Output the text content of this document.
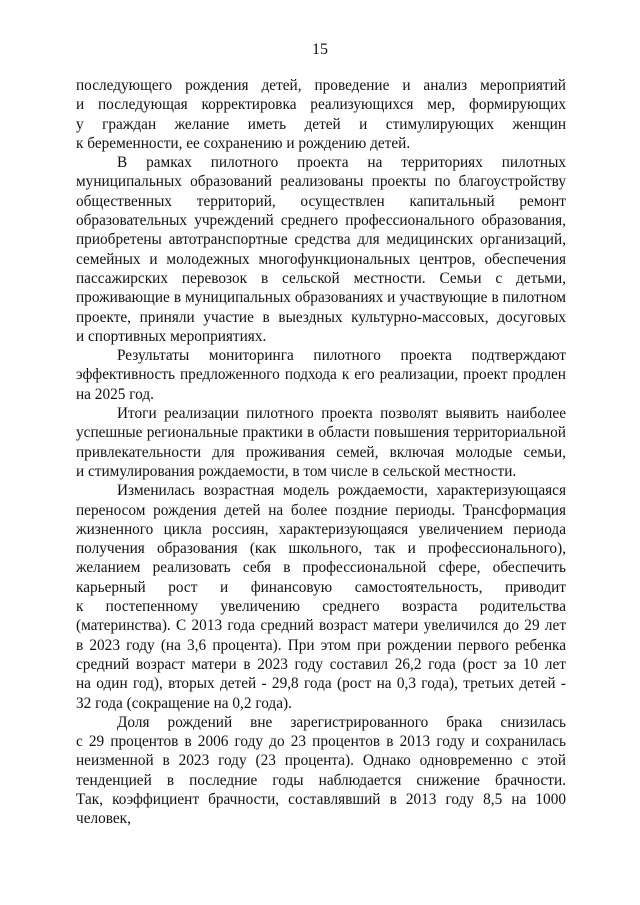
15

последующего рождения детей, проведение и анализ мероприятий
и последующая корректировка реализующихся мер, формирующих
у граждан желание иметь детей и стимулирующих женщин
к беременности, ее сохранению и рождению детей.

В рамках пилотного проекта на территориях пилотных
муниципальных образований реализованы проекты по благоустройству
общественных территорий, осуществлен капитальный ремонт
образовательных учреждений среднего профессионального образования,
приобретены автотранспортные средства для медицинских организаций,
семейных и молодежных многофункциональных центров, обеспечения
пассажирских перевозок в сельской местности. Семьи с детьми,
проживающие в муниципальных образованиях и участвующие в пилотном
проекте, приняли участие в выездных культурно-массовых, досуговых
и спортивных мероприятиях.

Результаты мониторинга пилотного проекта подтверждают
эффективность предложенного подхода к его реализации, проект продлен
на 2025 год.

Итоги реализации пилотного проекта позволят выявить наиболее
успешные региональные практики в области повышения территориальной
привлекательности для проживания семей, включая молодые семьи,
и стимулирования рождаемости, в том числе в сельской местности.

Изменилась возрастная модель рождаемости, характеризующаяся
переносом рождения детей на более поздние периоды. Трансформация
жизненного цикла россиян, характеризующаяся увеличением периода
получения образования (как школьного, так и профессионального),
желанием реализовать себя в профессиональной сфере, обеспечить
карьерный рост и финансовую самостоятельность, приводит
к постепенному увеличению среднего возраста родительства
(материнства). С 2013 года средний возраст матери увеличился до 29 лет
в 2023 году (на 3,6 процента). При этом при рождении первого ребенка
средний возраст матери в 2023 году составил 26,2 года (рост за 10 лет
на один год), вторых детей - 29,8 года (рост на 0,3 года), третьих детей -
32 года (сокращение на 0,2 года).

Доля рождений вне зарегистрированного брака снизилась
с 29 процентов в 2006 году до 23 процентов в 2013 году и сохранилась
неизменной в 2023 году (23 процента). Однако одновременно с этой
тенденцией в последние годы наблюдается снижение брачности.
Так, коэффициент брачности, составлявший в 2013 году 8,5 на 1000 человек,
